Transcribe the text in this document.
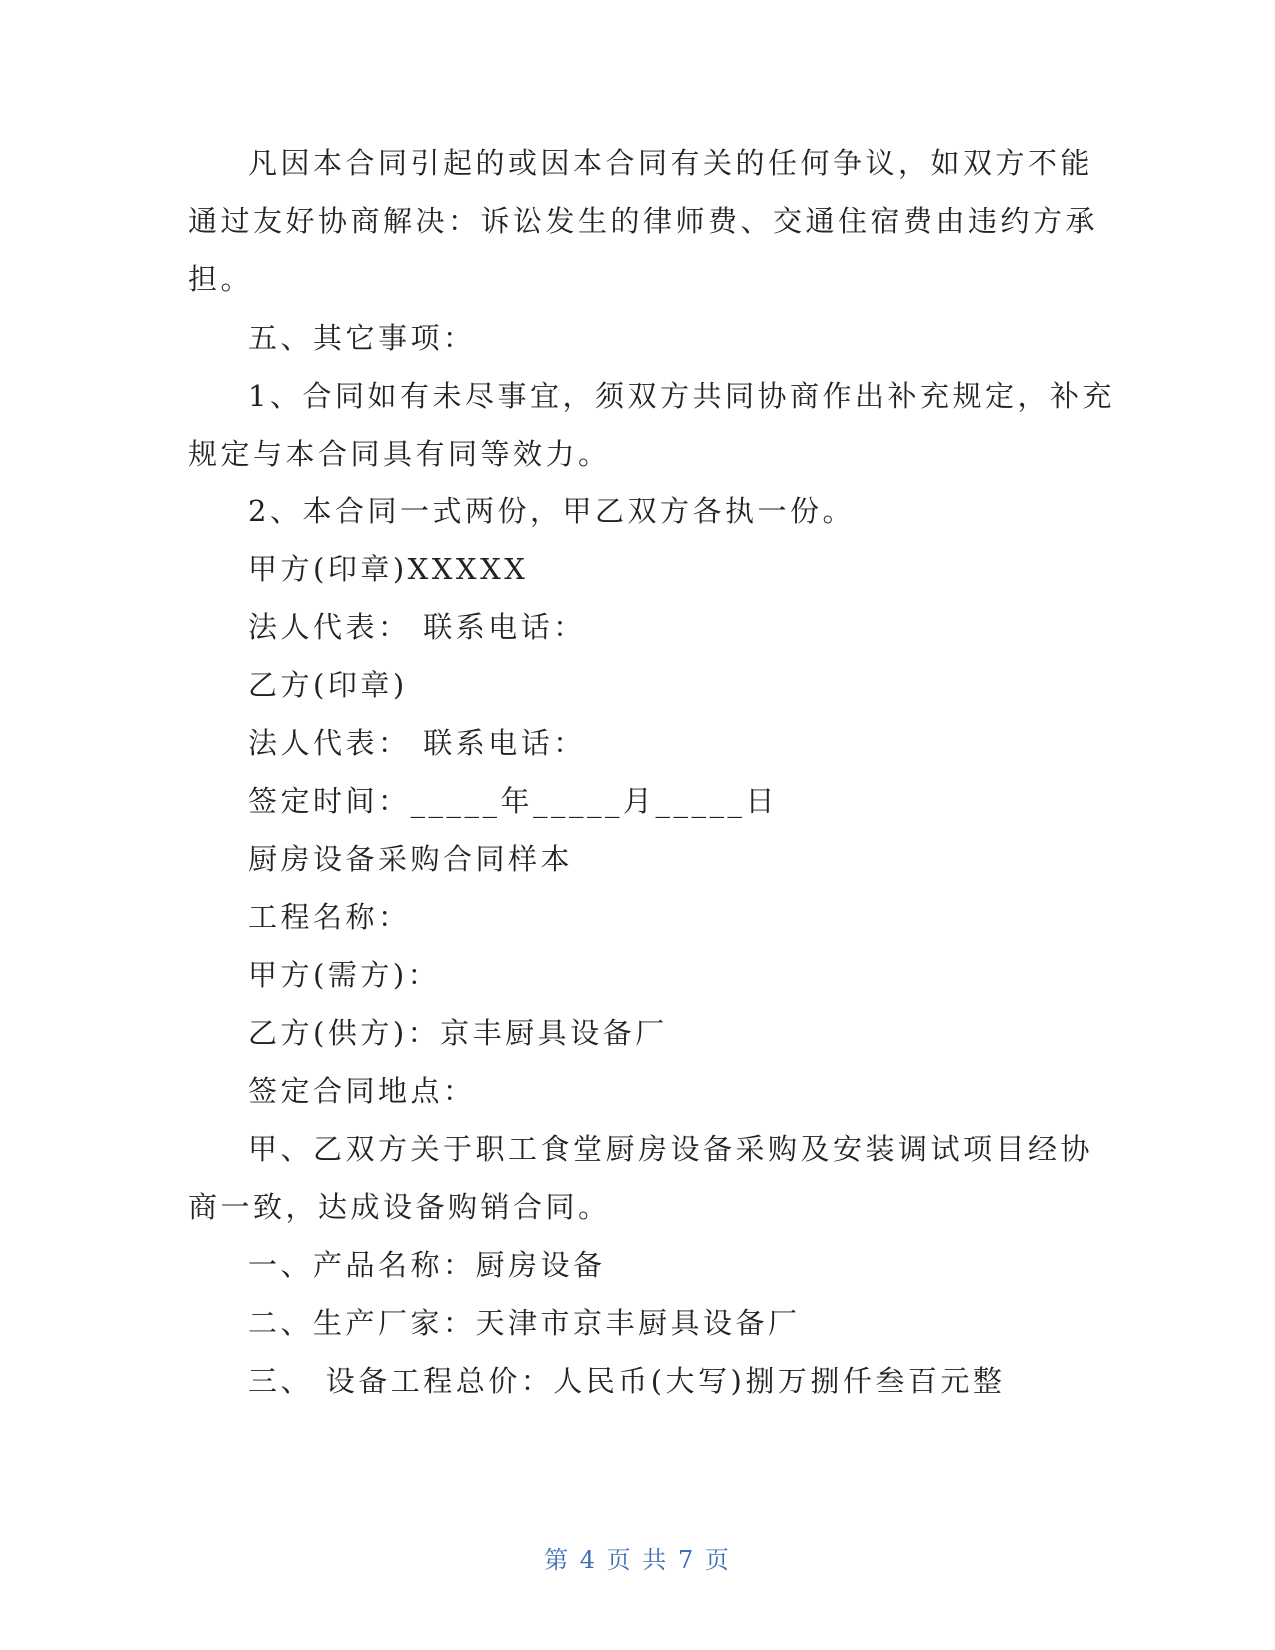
凡因本合同引起的或因本合同有关的任何争议，如双方不能
通过友好协商解决：诉讼发生的律师费、交通住宿费由违约方承
担。
五、其它事项：
1、合同如有未尽事宜，须双方共同协商作出补充规定，补充
规定与本合同具有同等效力。
2、本合同一式两份，甲乙双方各执一份。
甲方(印章)XXXXX
法人代表： 联系电话：
乙方(印章)
法人代表： 联系电话：
签定时间：_____年_____月_____日
厨房设备采购合同样本
工程名称：
甲方(需方)：
乙方(供方)：京丰厨具设备厂
签定合同地点：
甲、乙双方关于职工食堂厨房设备采购及安装调试项目经协
商一致，达成设备购销合同。
一、产品名称：厨房设备
二、生产厂家：天津市京丰厨具设备厂
三、 设备工程总价：人民币(大写)捌万捌仟叁百元整
第 4 页 共 7 页
